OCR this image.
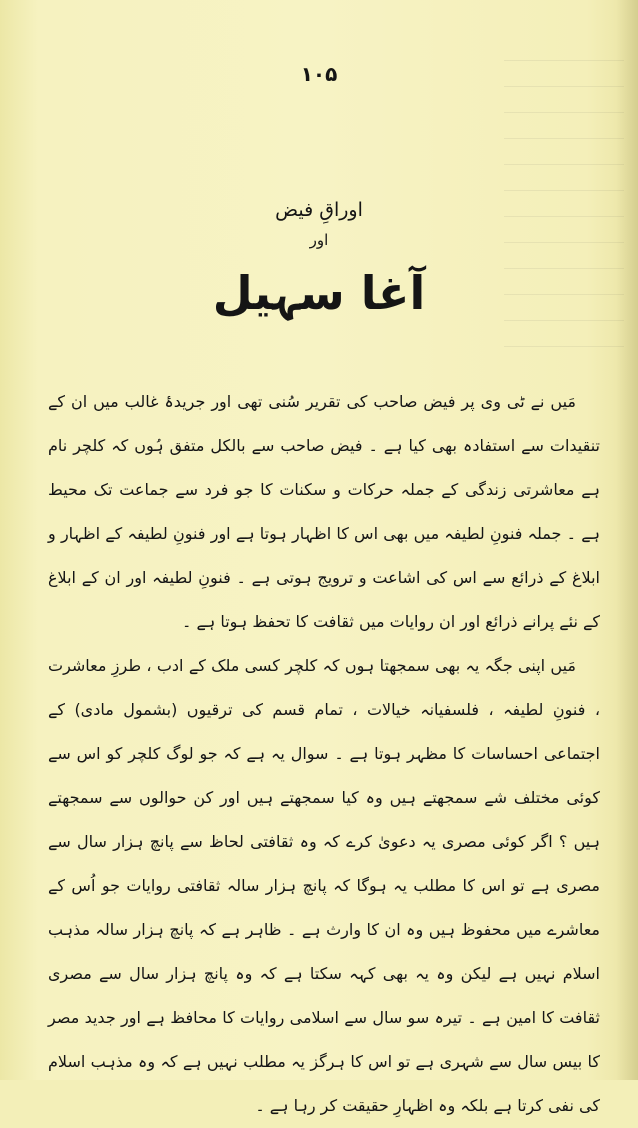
۱۰۵

اوراقِ فیض

اور

آغا سہیل

مَیں نے ٹی وی پر فیض صاحب کی تقریر سُنی تھی اور جریدۂ غالب میں ان کے تنقیدات سے استفادہ بھی کیا ہے ۔ فیض صاحب سے بالکل متفق ہُوں کہ کلچر نام ہے معاشرتی زندگی کے جملہ حرکات و سکنات کا جو فرد سے جماعت تک محیط ہے ۔ جملہ فنونِ لطیفہ میں بھی اس کا اظہار ہوتا ہے اور فنونِ لطیفہ کے اظہار و ابلاغ کے ذرائع سے اس کی اشاعت و ترویج ہوتی ہے ۔ فنونِ لطیفہ اور ان کے ابلاغ کے نئے پرانے ذرائع اور ان روایات میں ثقافت کا تحفظ ہوتا ہے ۔

مَیں اپنی جگہ یہ بھی سمجھتا ہوں کہ کلچر کسی ملک کے ادب ، طرزِ معاشرت ، فنونِ لطیفہ ، فلسفیانہ خیالات ، تمام قسم کی ترقیوں (بشمول مادی) کے اجتماعی احساسات کا مظہر ہوتا ہے ۔ سوال یہ ہے کہ جو لوگ کلچر کو اس سے کوئی مختلف شے سمجھتے ہیں وہ کیا سمجھتے ہیں اور کن حوالوں سے سمجھتے ہیں ؟ اگر کوئی مصری یہ دعویٰ کرے کہ وہ ثقافتی لحاظ سے پانچ ہزار سال سے مصری ہے تو اس کا مطلب یہ ہوگا کہ پانچ ہزار سالہ ثقافتی روایات جو اُس کے معاشرے میں محفوظ ہیں وہ ان کا وارث ہے ۔ ظاہر ہے کہ پانچ ہزار سالہ مذہب اسلام نہیں ہے لیکن وہ یہ بھی کہہ سکتا ہے کہ وہ پانچ ہزار سال سے مصری ثقافت کا امین ہے ۔ تیرہ سو سال سے اسلامی روایات کا محافظ ہے اور جدید مصر کا بیس سال سے شہری ہے تو اس کا ہرگز یہ مطلب نہیں ہے کہ وہ مذہب اسلام کی نفی کرتا ہے بلکہ وہ اظہارِ حقیقت کر رہا ہے ۔
